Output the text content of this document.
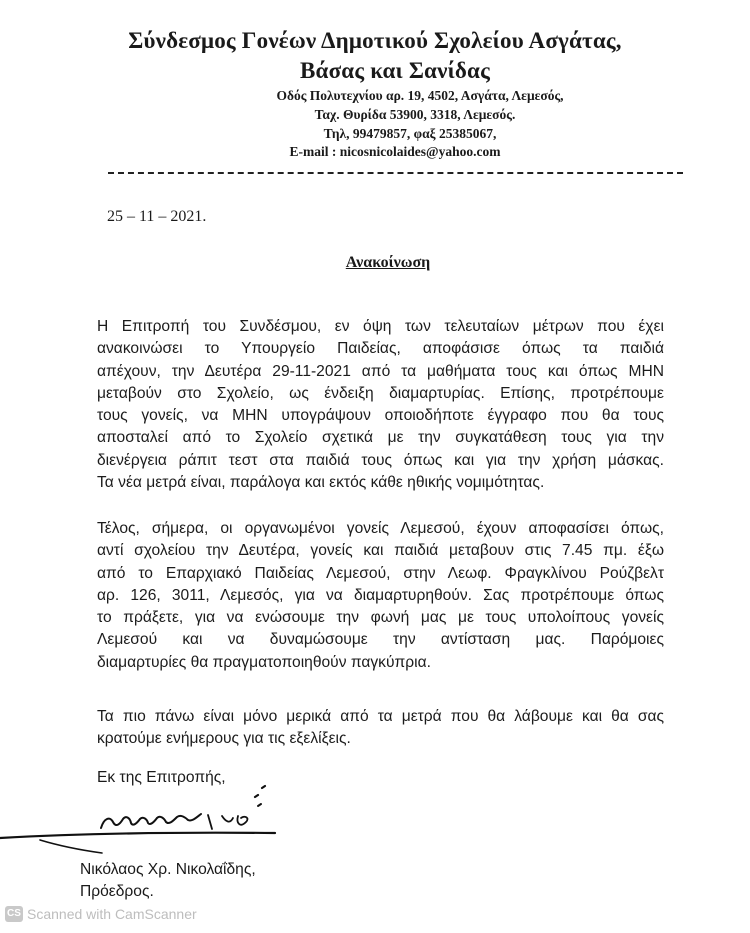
Σύνδεσμος Γονέων Δημοτικού Σχολείου Ασγάτας,
Βάσας και Σανίδας
Οδός Πολυτεχνίου αρ. 19, 4502, Ασγάτα, Λεμεσός,
Ταχ. Θυρίδα 53900, 3318, Λεμεσός.
Τηλ, 99479857, φαξ 25385067,
E-mail : nicosnicolaides@yahoo.com
25 – 11 – 2021.
Ανακοίνωση
Η Επιτροπή του Συνδέσμου, εν όψη των τελευταίων μέτρων που έχει
ανακοινώσει το Υπουργείο Παιδείας, αποφάσισε όπως τα παιδιά
απέχουν, την Δευτέρα 29-11-2021 από τα μαθήματα τους και όπως ΜΗΝ
μεταβούν στο Σχολείο, ως ένδειξη διαμαρτυρίας. Επίσης, προτρέπουμε
τους γονείς, να ΜΗΝ υπογράψουν οποιοδήποτε έγγραφο που θα τους
αποσταλεί από το Σχολείο σχετικά με την συγκατάθεση τους για την
διενέργεια ράπιτ τεστ στα παιδιά τους όπως και για την χρήση μάσκας.
Τα νέα μετρά είναι, παράλογα και εκτός κάθε ηθικής νομιμότητας.
Τέλος, σήμερα, οι οργανωμένοι γονείς Λεμεσού, έχουν αποφασίσει όπως,
αντί σχολείου την Δευτέρα, γονείς και παιδιά μεταβουν στις 7.45 πμ. έξω
από το Επαρχιακό Παιδείας Λεμεσού, στην Λεωφ. Φραγκλίνου Ρούζβελτ
αρ. 126, 3011, Λεμεσός, για να διαμαρτυρηθούν. Σας προτρέπουμε όπως
το πράξετε, για να ενώσουμε την φωνή μας με τους υπολοίπους γονείς
Λεμεσού και να δυναμώσουμε την αντίσταση μας. Παρόμοιες
διαμαρτυρίες θα πραγματοποιηθούν παγκύπρια.
Τα πιο πάνω είναι μόνο μερικά από τα μετρά που θα λάβουμε και θα σας
κρατούμε ενήμερους για τις εξελίξεις.
Εκ της Επιτροπής,
Νικόλαος Χρ. Νικολαΐδης,
Πρόεδρος.
CS Scanned with CamScanner
